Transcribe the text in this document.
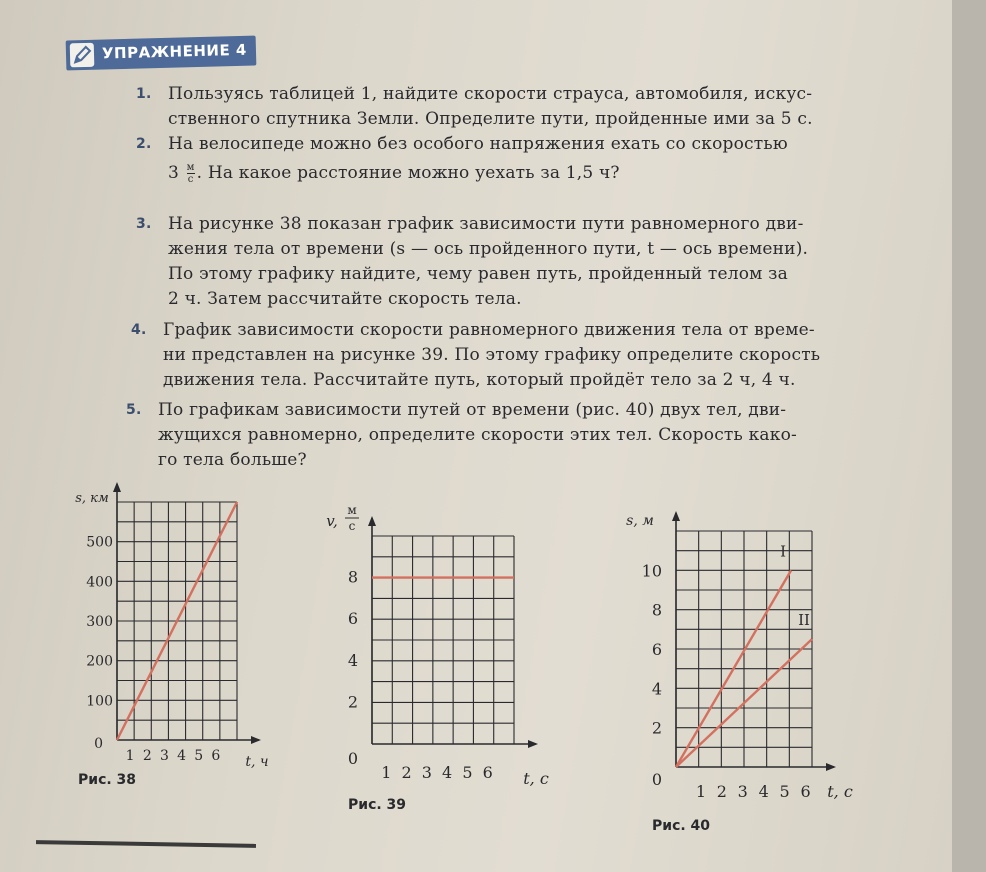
УПРАЖНЕНИЕ 4
1. Пользуясь таблицей 1, найдите скорости страуса, автомобиля, искус-
ственного спутника Земли. Определите пути, пройденные ими за 5 с.
2. На велосипеде можно без особого напряжения ехать со скоростью
$3 \frac{м}{с}$ . На какое расстояние можно уехать за 1,5 ч?
3. На рисунке 38 показан график зависимости пути равномерного дви-
жения тела от времени (s — ось пройденного пути, t — ось времени).
По этому графику найдите, чему равен путь, пройденный телом за
2 ч. Затем рассчитайте скорость тела.
4. График зависимости скорости равномерного движения тела от време-
ни представлен на рисунке 39. По этому графику определите скорость
движения тела. Рассчитайте путь, который пройдёт тело за 2 ч, 4 ч.
5. По графикам зависимости путей от времени (рис. 40) двух тел, дви-
жущихся равномерно, определите скорости этих тел. Скорость како-
го тела больше?
100
200
300
400
500
1 2 3 4 5 6
0
t, ч
s, км
2
4
6
8
1 2 3 4 5 6
0
t, с
v,
м
с
I
II
2
4
6
8
10
1 2 3 4 5 6
0
t, с
s, м
Рис. 38
Рис. 39
Рис. 40
